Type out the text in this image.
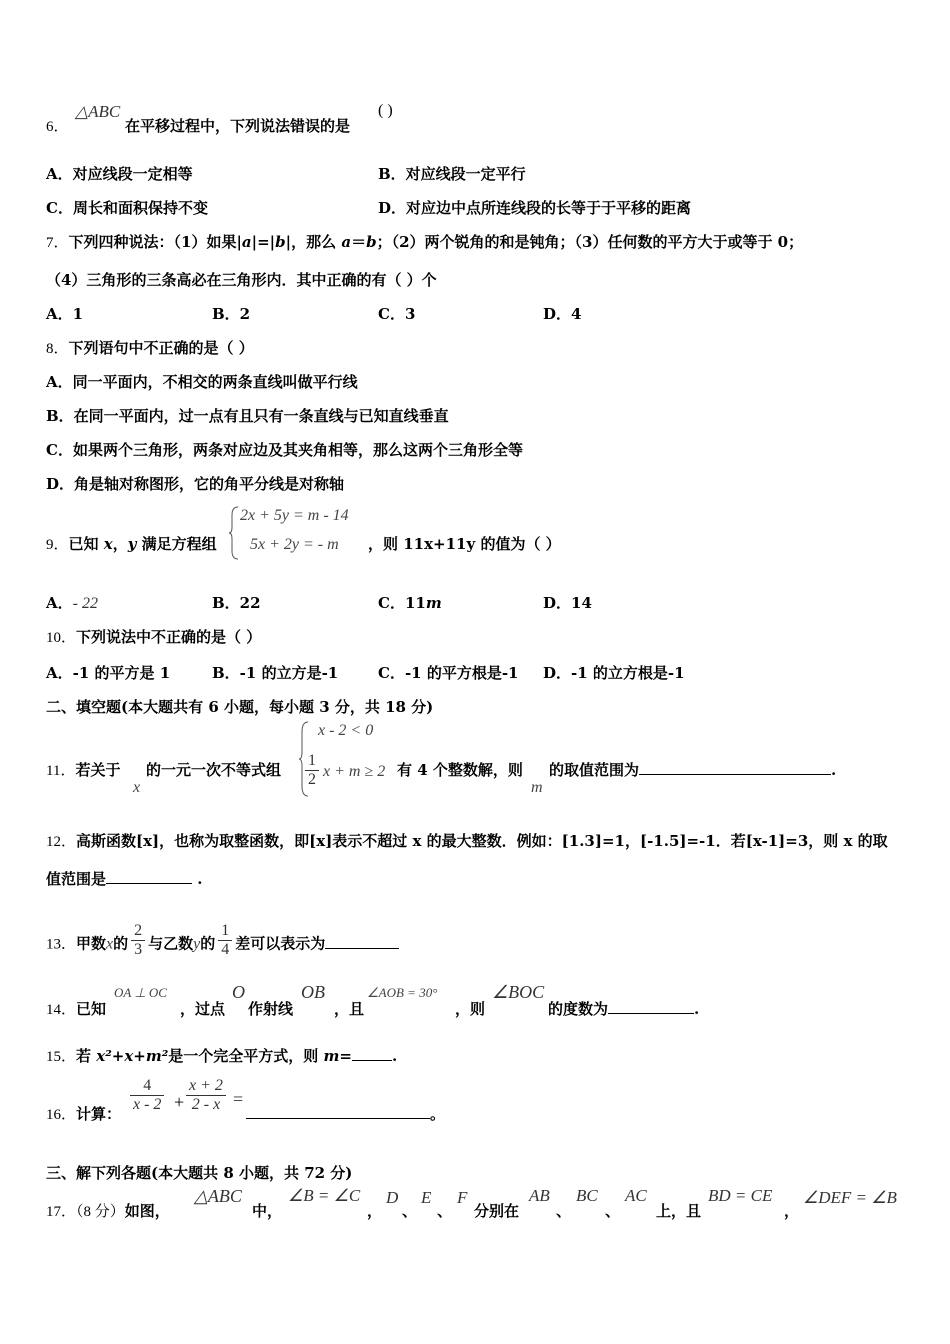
6．
△ABC
在平移过程中，下列说法错误的是
( )
A．对应线段一定相等	B．对应线段一定平行
C．周长和面积保持不变	D．对应边中点所连线段的长等于于平移的距离
7．下列四种说法：（1）如果|a|=|b|，那么 a＝b；（2）两个锐角的和是钝角；（3）任何数的平方大于或等于 0；
（4）三角形的三条高必在三角形内．其中正确的有（ ）个
A．1	B．2	C．3	D．4
8．下列语句中不正确的是（ ）
A．同一平面内，不相交的两条直线叫做平行线
B．在同一平面内，过一点有且只有一条直线与已知直线垂直
C．如果两个三角形，两条对应边及其夹角相等，那么这两个三角形全等
D．角是轴对称图形，它的角平分线是对称轴
9．已知 x，y 满足方程组
2x + 5y = m - 14
5x + 2y = - m ，则 11x+11y 的值为（ ）
A．- 22	B．22	C．11m	D．14
10．下列说法中不正确的是（ ）
A．-1 的平方是 1	B．-1 的立方是-1	C．-1 的平方根是-1 D．-1 的立方根是-1
二、填空题(本大题共有 6 小题，每小题 3 分，共 18 分)
11．若关于
x
的一元一次不等式组
x - 2 < 0
$\frac{1}{2}$ x + m ≥ 2 有 4 个整数解，则
m
的取值范围为	.
12．高斯函数[x]，也称为取整函数，即[x]表示不超过 x 的最大整数．例如：[1.3]=1，[-1.5]=-1．若[x-1]=3，则 x 的取
值范围是	.
13．甲数x的 $\frac{2}{3}$ 与乙数y的 $\frac{1}{4}$ 差可以表示为
14．已知
OA ⊥ OC
，过点
O
作射线
OB
，且
∠AOB = 30°
，则
∠BOC
的度数为	.
15．若 x²+x+m²是一个完全平方式，则 m=	.
16．计算： $\frac{4}{x - 2} + \frac{x + 2}{2 - x}$ =
。
三、解下列各题(本大题共 8 小题，共 72 分)
17．（8 分）如图，
△ABC
中，
∠B = ∠C
，
D
、
E
、
F
分别在
AB
、
BC
、
AC
上，且
BD = CE
，
∠DEF = ∠B
